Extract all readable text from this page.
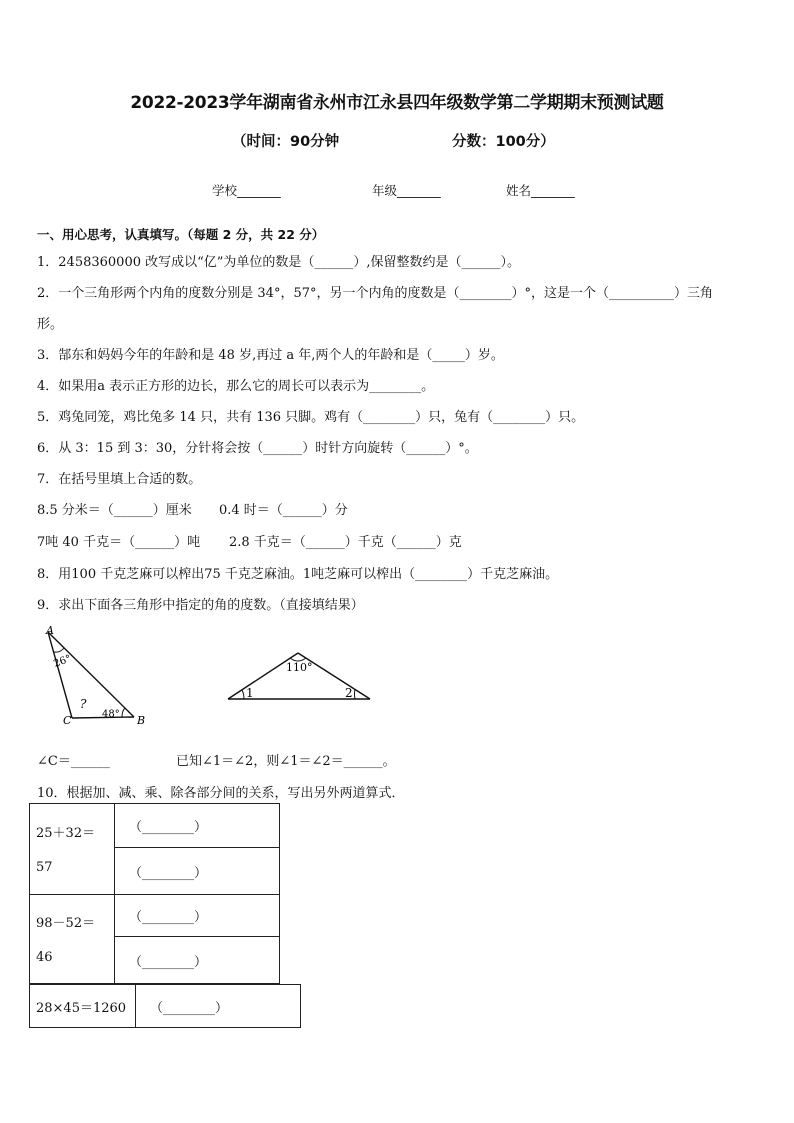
2022-2023学年湖南省永州市江永县四年级数学第二学期期末预测试题
（时间：90分钟	分数：100分）
学校_______	年级_______	姓名_______
一、用心思考，认真填写。（每题 2 分，共 22 分）
1．2458360000 改写成以“亿”为单位的数是（______）,保留整数约是（______）。
2．一个三角形两个内角的度数分别是 34°，57°，另一个内角的度数是（________）°，这是一个（__________）三角
形。
3．郜东和妈妈今年的年龄和是 48 岁,再过 a 年,两个人的年龄和是（_____）岁。
4．如果用a 表示正方形的边长，那么它的周长可以表示为________。
5．鸡兔同笼，鸡比兔多 14 只，共有 136 只脚。鸡有（________）只，兔有（________）只。
6．从 3：15 到 3：30，分针将会按（______）时针方向旋转（______）°。
7．在括号里填上合适的数。
8.5 分米＝（______）厘米 0.4 时＝（______）分
7吨 40 千克＝（______）吨 2.8 千克＝（______）千克（______）克
8．用100 千克芝麻可以榨出75 千克芝麻油。1吨芝麻可以榨出（________）千克芝麻油。
9．求出下面各三角形中指定的角的度数。（直接填结果）
A
B
C
26°
48°
?
110°
1	2
∠C＝______	已知∠1＝∠2，则∠1＝∠2＝______。
10．根据加、减、乘、除各部分间的关系，写出另外两道算式．
25＋32＝
57	（________）
	（________）

98－52＝
46	（________）
	（________）
28×45＝1260	（________）
